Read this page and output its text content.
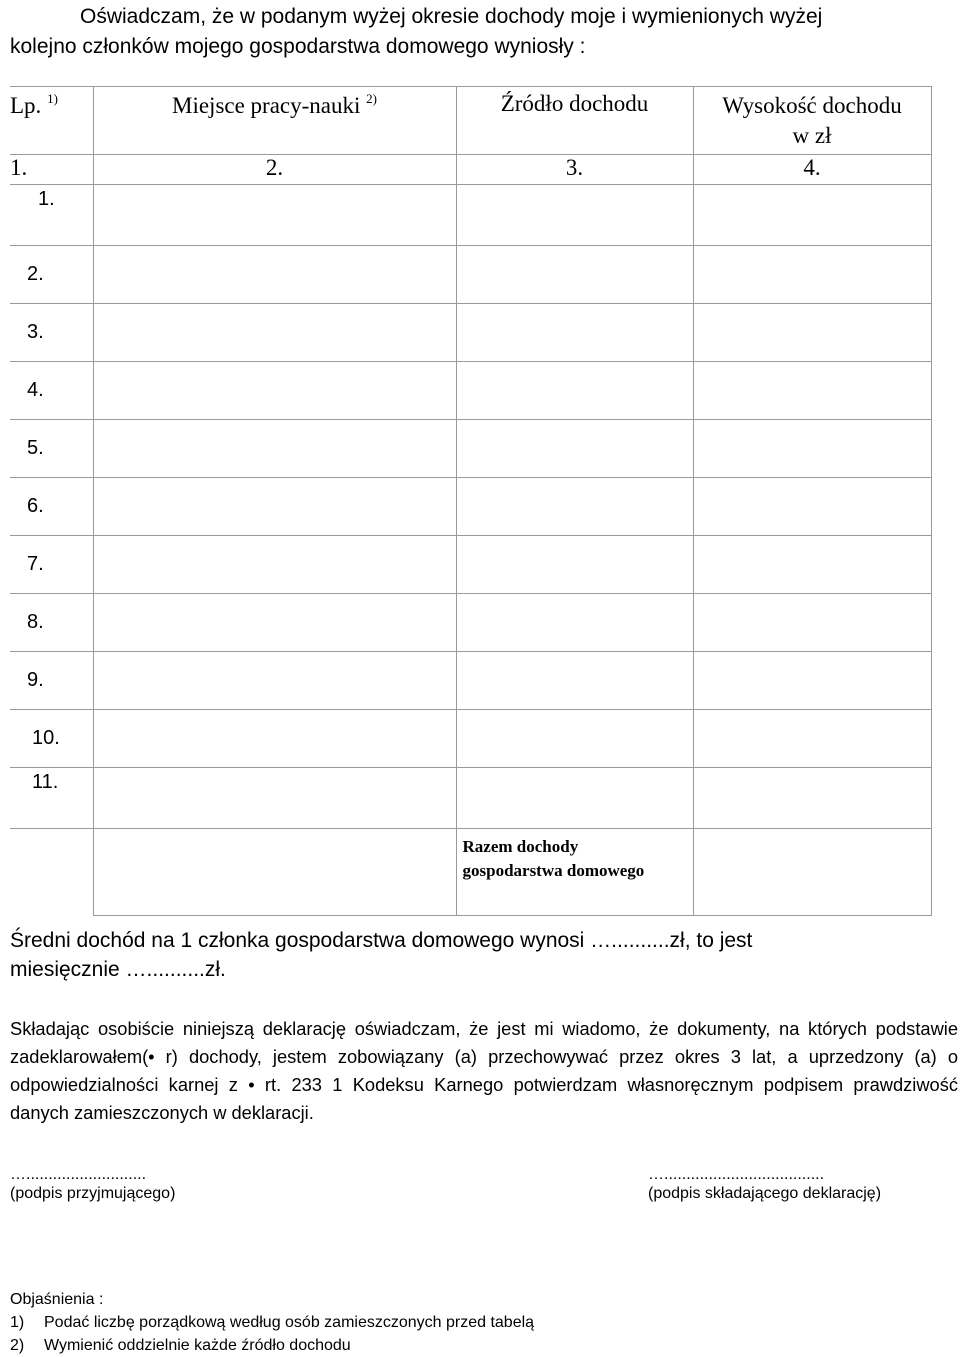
Oświadczam, że w podanym wyżej okresie dochody moje i wymienionych wyżej
kolejno członków mojego gospodarstwa domowego wyniosły :
Lp. $^{1)}$	Miejsce pracy-nauki $^{2)}$	Źródło dochodu	Wysokość dochodu
w zł
1.	2.	3.	4.
1.			
2.			
3.			
4.			
5.			
6.			
7.			
8.			
9.			
10.			
11.			
		Razem dochody
gospodarstwa domowego	
Średni dochód na 1 członka gospodarstwa domowego wynosi …..........zł, to jest
miesięcznie …..........zł.
Składając osobiście niniejszą deklarację oświadczam, że jest mi wiadomo, że dokumenty, na których podstawie zadeklarowałem(• r) dochody, jestem zobowiązany (a) przechowywać przez okres 3 lat, a uprzedzony (a) o odpowiedzialności karnej z • rt. 233 1 Kodeksu Karnego potwierdzam własnoręcznym podpisem prawdziwość danych zamieszczonych w deklaracji.
…...........................
(podpis przyjmującego)
…....................................
(podpis składającego deklarację)
Objaśnienia :
1) Podać liczbę porządkową według osób zamieszczonych przed tabelą
2) Wymienić oddzielnie każde źródło dochodu
